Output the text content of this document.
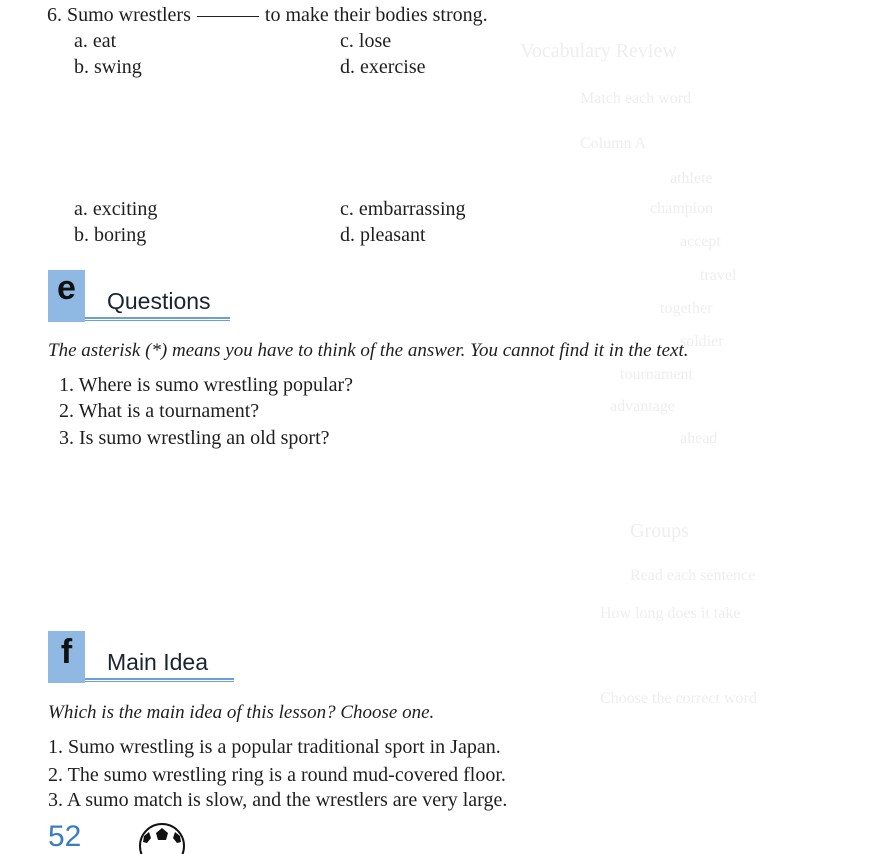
Vocabulary Review
Match each word
Column A
athlete
champion
accept
travel
together
soldier
tournament
advantage
ahead
Groups
Read each sentence
How long does it take
Choose the correct word
6. Sumo wrestlers	to make their bodies strong.
a. eat	c. lose
b. swing	d. exercise
a. exciting	c. embarrassing
b. boring	d. pleasant
e	Questions
The asterisk (*) means you have to think of the answer. You cannot find it in the text.
1. Where is sumo wrestling popular?
2. What is a tournament?
3. Is sumo wrestling an old sport?
f	Main Idea
Which is the main idea of this lesson? Choose one.
1. Sumo wrestling is a popular traditional sport in Japan.
2. The sumo wrestling ring is a round mud-covered floor.
3. A sumo match is slow, and the wrestlers are very large.
52
